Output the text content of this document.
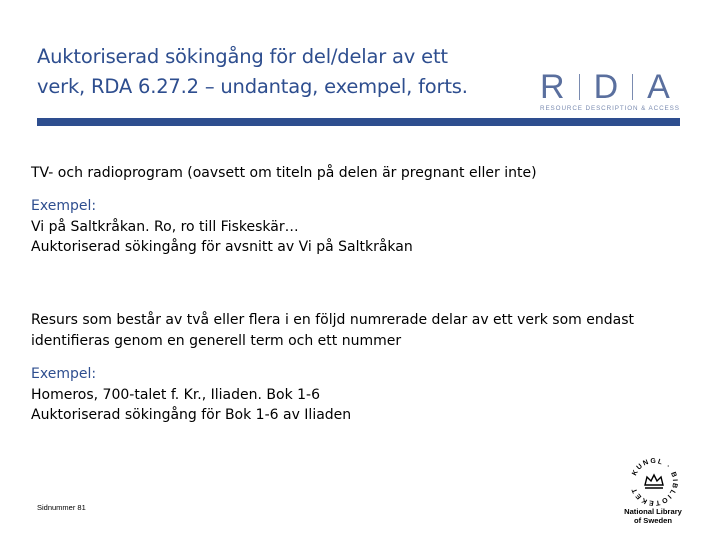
Auktoriserad sökingång för del/delar av ett
verk, RDA 6.27.2 – undantag, exempel, forts.	R D A
RESOURCE DESCRIPTION & ACCESS
TV- och radioprogram (oavsett om titeln på delen är pregnant eller inte)
Exempel:
Vi på Saltkråkan. Ro, ro till Fiskeskär…
Auktoriserad sökingång för avsnitt av Vi på Saltkråkan
Resurs som består av två eller flera i en följd numrerade delar av ett verk som endast
identifieras genom en generell term och ett nummer
Exempel:
Homeros, 700-talet f. Kr., Iliaden. Bok 1-6
Auktoriserad sökingång för Bok 1-6 av Iliaden
Sidnummer 81
KUNGL · BIBLIOTEKET
National Library
of Sweden
